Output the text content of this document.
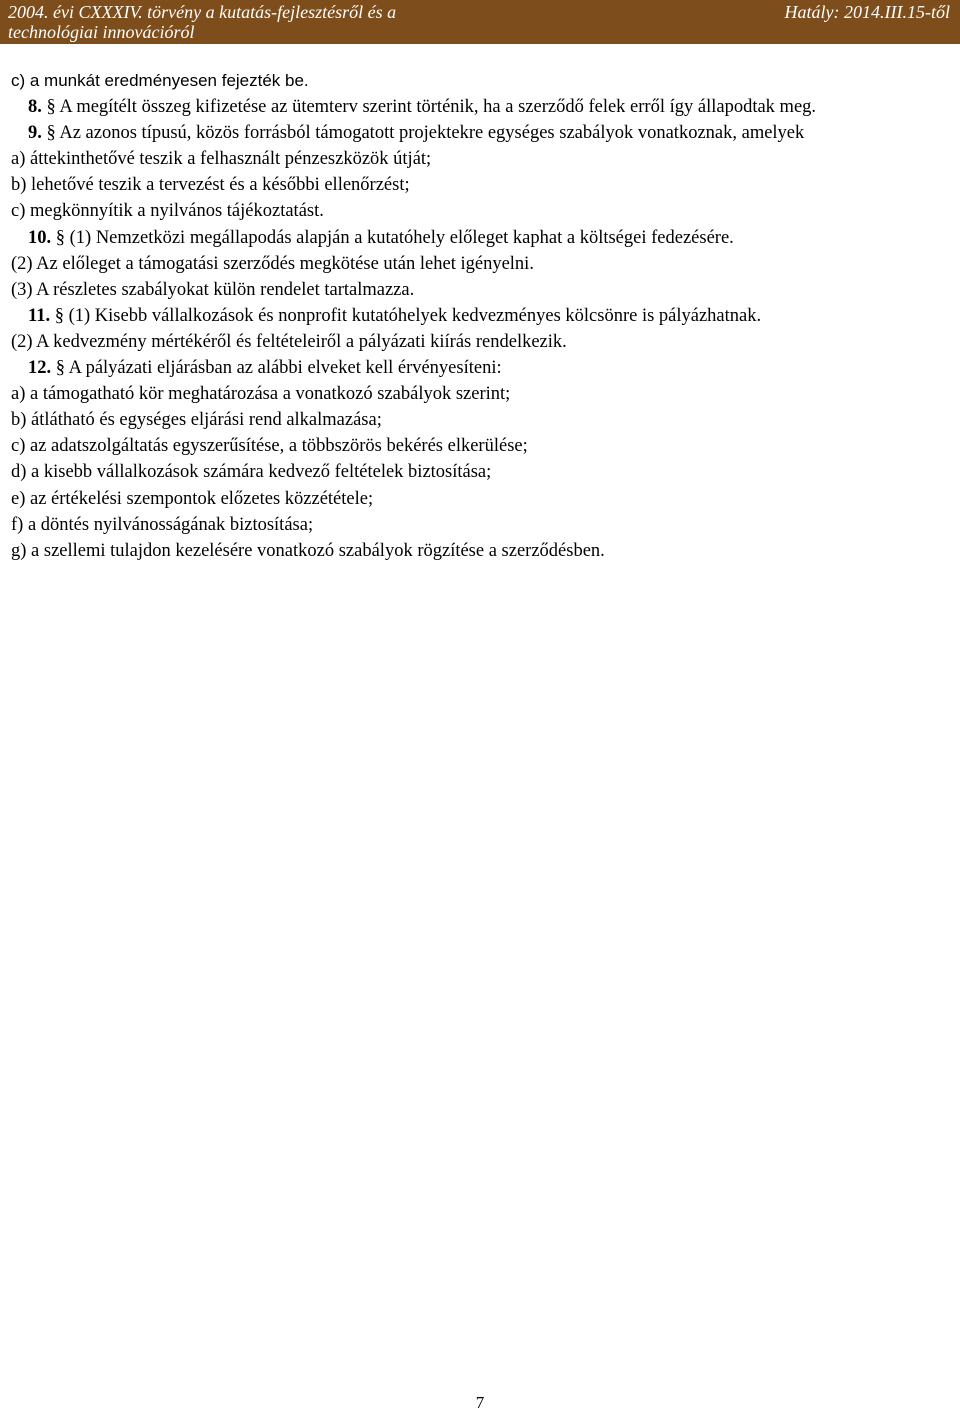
2004. évi CXXXIV. törvény a kutatás-fejlesztésről és a
technológiai innovációról
Hatály: 2014.III.15-től

c) a munkát eredményesen fejezték be.

8. § A megítélt összeg kifizetése az ütemterv szerint történik, ha a szerződő felek erről így állapodtak meg.

9. § Az azonos típusú, közös forrásból támogatott projektekre egységes szabályok vonatkoznak, amelyek

a) áttekinthetővé teszik a felhasznált pénzeszközök útját;

b) lehetővé teszik a tervezést és a későbbi ellenőrzést;

c) megkönnyítik a nyilvános tájékoztatást.

10. § (1) Nemzetközi megállapodás alapján a kutatóhely előleget kaphat a költségei fedezésére.

(2) Az előleget a támogatási szerződés megkötése után lehet igényelni.

(3) A részletes szabályokat külön rendelet tartalmazza.

11. § (1) Kisebb vállalkozások és nonprofit kutatóhelyek kedvezményes kölcsönre is pályázhatnak.

(2) A kedvezmény mértékéről és feltételeiről a pályázati kiírás rendelkezik.

12. § A pályázati eljárásban az alábbi elveket kell érvényesíteni:

a) a támogatható kör meghatározása a vonatkozó szabályok szerint;

b) átlátható és egységes eljárási rend alkalmazása;

c) az adatszolgáltatás egyszerűsítése, a többszörös bekérés elkerülése;

d) a kisebb vállalkozások számára kedvező feltételek biztosítása;

e) az értékelési szempontok előzetes közzététele;

f) a döntés nyilvánosságának biztosítása;

g) a szellemi tulajdon kezelésére vonatkozó szabályok rögzítése a szerződésben.

7
